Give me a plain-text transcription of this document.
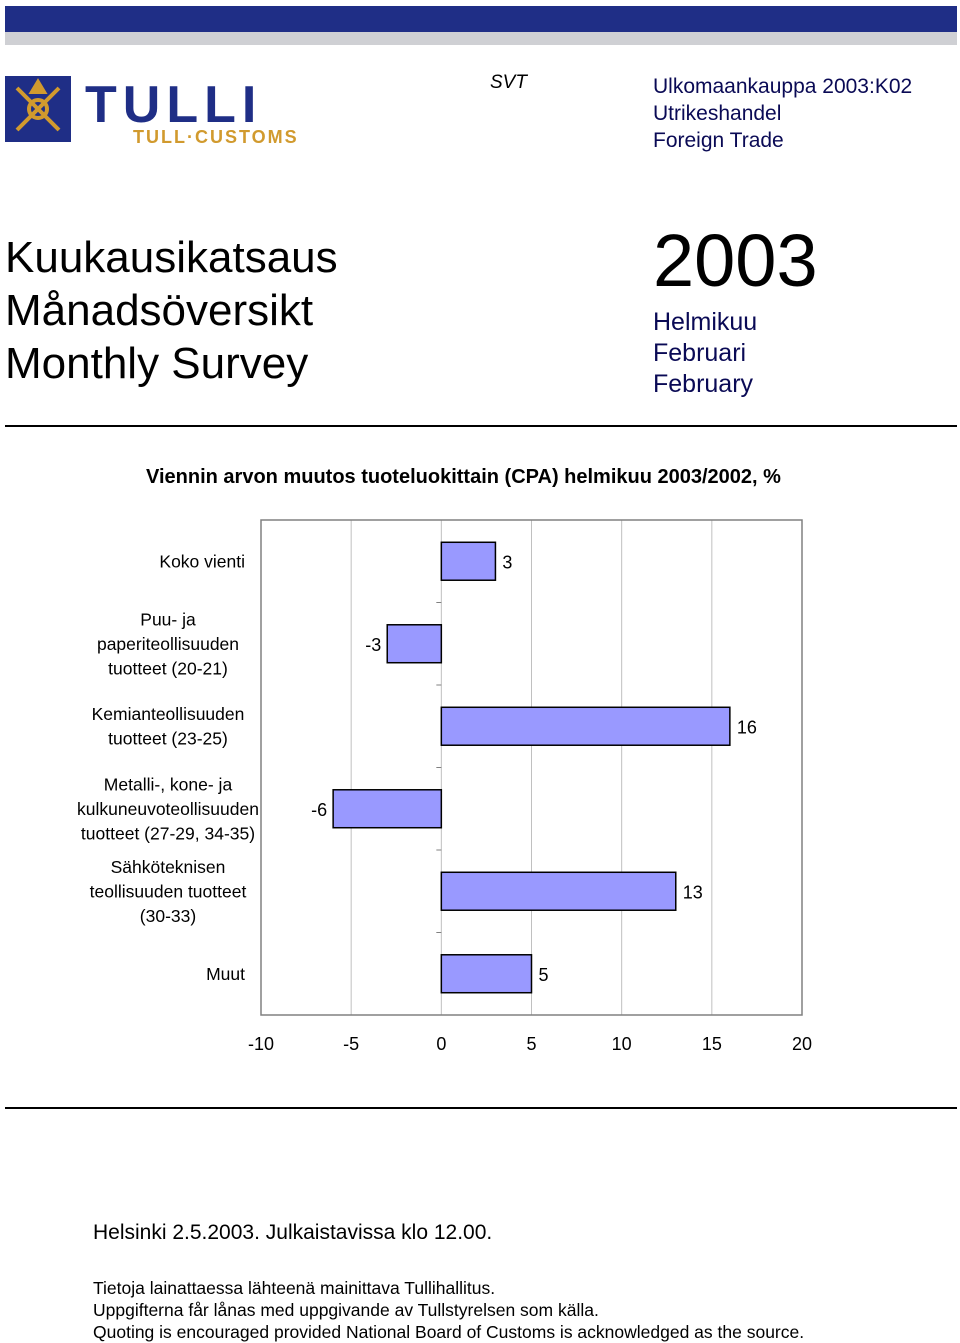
TULLI
TULL·CUSTOMS
SVT	Ulkomaankauppa 2003:K02
Utrikeshandel
Foreign Trade
Kuukausikatsaus
Månadsöversikt
Monthly Survey
2003
Helmikuu
Februari
February
Viennin arvon muutos tuoteluokittain (CPA) helmikuu 2003/2002, %
3
Koko vienti
-3
Puu- ja paperiteollisuuden tuotteet (20-21)
16
Kemianteollisuuden tuotteet (23-25)
-6
Metalli-, kone- ja kulkuneuvoteollisuuden tuotteet (27-29, 34-35)
13
Sähköteknisen teollisuuden tuotteet (30-33)
5
Muut
-10	-5	0	5	10	15	20
Helsinki 2.5.2003. Julkaistavissa klo 12.00.
Tietoja lainattaessa lähteenä mainittava Tullihallitus.
Uppgifterna får lånas med uppgivande av Tullstyrelsen som källa.
Quoting is encouraged provided National Board of Customs is acknowledged as the source.
